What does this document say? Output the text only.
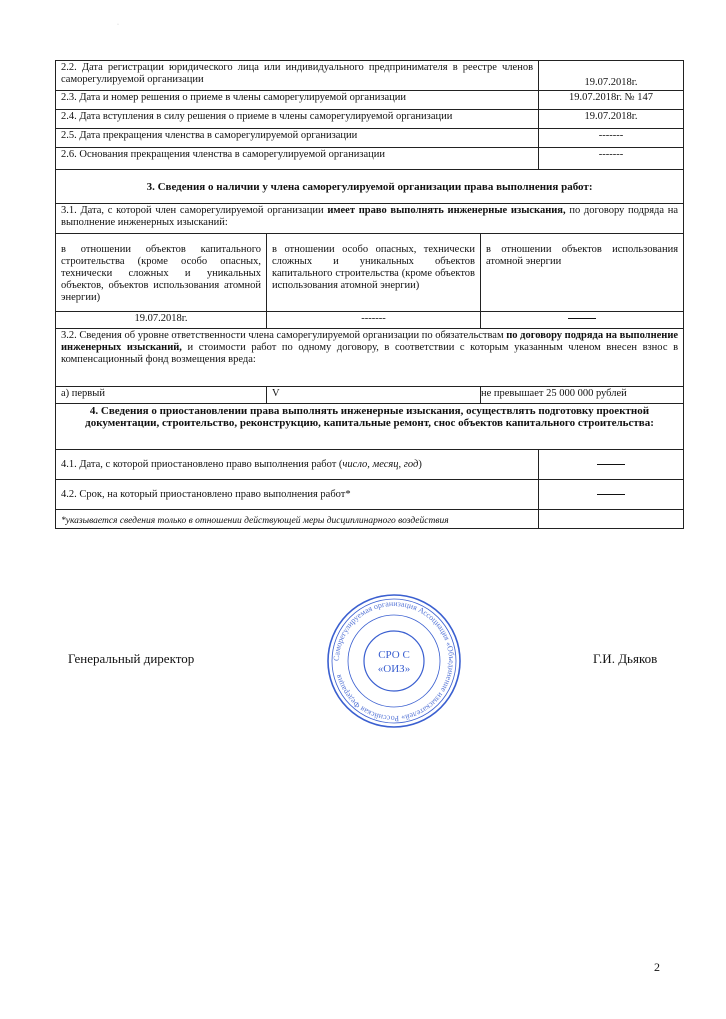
·
2.2. Дата регистрации юридического лица или индивидуального предпринимателя в реестре членов саморегулируемой организации			19.07.2018г.
2.3. Дата и номер решения о приеме в члены саморегулируемой организации			19.07.2018г. № 147
2.4. Дата вступления в силу решения о приеме в члены саморегулируемой организации			19.07.2018г.
2.5. Дата прекращения членства в саморегулируемой организации			-------
2.6. Основания прекращения членства в саморегулируемой организации			-------
3. Сведения о наличии у члена саморегулируемой организации права выполнения работ:			
3.1. Дата, с которой член саморегулируемой организации имеет право выполнять инженерные изыскания, по договору подряда на выполнение инженерных изысканий:			
в отношении объектов капитального строительства (кроме особо опасных, технически сложных и уникальных объектов, объектов использования атомной энергии)	в отношении особо опасных, технически сложных и уникальных объектов капитального строительства (кроме объектов использования атомной энергии)	в отношении объектов использования атомной энергии	
19.07.2018г.	-------		
3.2. Сведения об уровне ответственности члена саморегулируемой организации по обязательствам по договору подряда на выполнение инженерных изысканий, и стоимости работ по одному договору, в соответствии с которым указанным членом внесен взнос в компенсационный фонд возмещения вреда:			
а) первый	V	не превышает 25 000 000 рублей	
4. Сведения о приостановлении права выполнять инженерные изыскания, осуществлять подготовку проектной документации, строительство, реконструкцию, капитальные ремонт, снос объектов капитального строительства:			
4.1. Дата, с которой приостановлено право выполнения работ (число, месяц, год)			
4.2. Срок, на который приостановлено право выполнения работ*			
*указывается сведения только в отношении действующей меры дисциплинарного воздействия			
Генеральный директор	Г.И. Дьяков
Саморегулируемая организация Ассоциация «Объединение изыскателей» Российская Федерация
СРО С
«ОИЗ»
2
